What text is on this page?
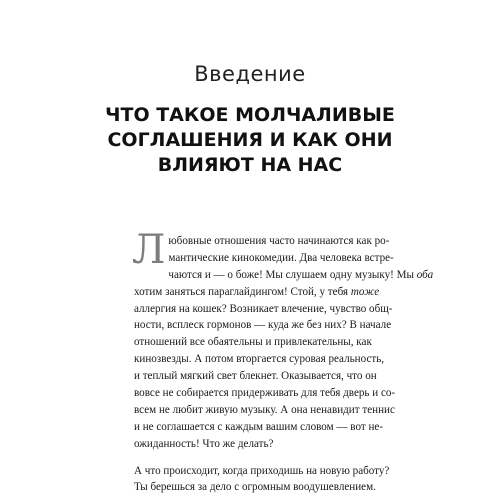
Введение
ЧТО ТАКОЕ МОЛЧАЛИВЫЕ
СОГЛАШЕНИЯ И КАК ОНИ
ВЛИЯЮТ НА НАС
Л юбовные отношения часто начинаются как ро-
мантические кинокомедии. Два человека встре-
чаются и — о боже! Мы слушаем одну музыку! Мы оба
хотим заняться параглайдингом! Стой, у тебя тоже
аллергия на кошек? Возникает влечение, чувство общ-
ности, всплеск гормонов — куда же без них? В начале
отношений все обаятельны и привлекательны, как
кинозвезды. А потом вторгается суровая реальность,
и теплый мягкий свет блекнет. Оказывается, что он
вовсе не собирается придерживать для тебя дверь и со-
всем не любит живую музыку. А она ненавидит теннис
и не соглашается с каждым вашим словом — вот не-
ожиданность! Что же делать?
А что происходит, когда приходишь на новую работу?
Ты берешься за дело с огромным воодушевлением.
